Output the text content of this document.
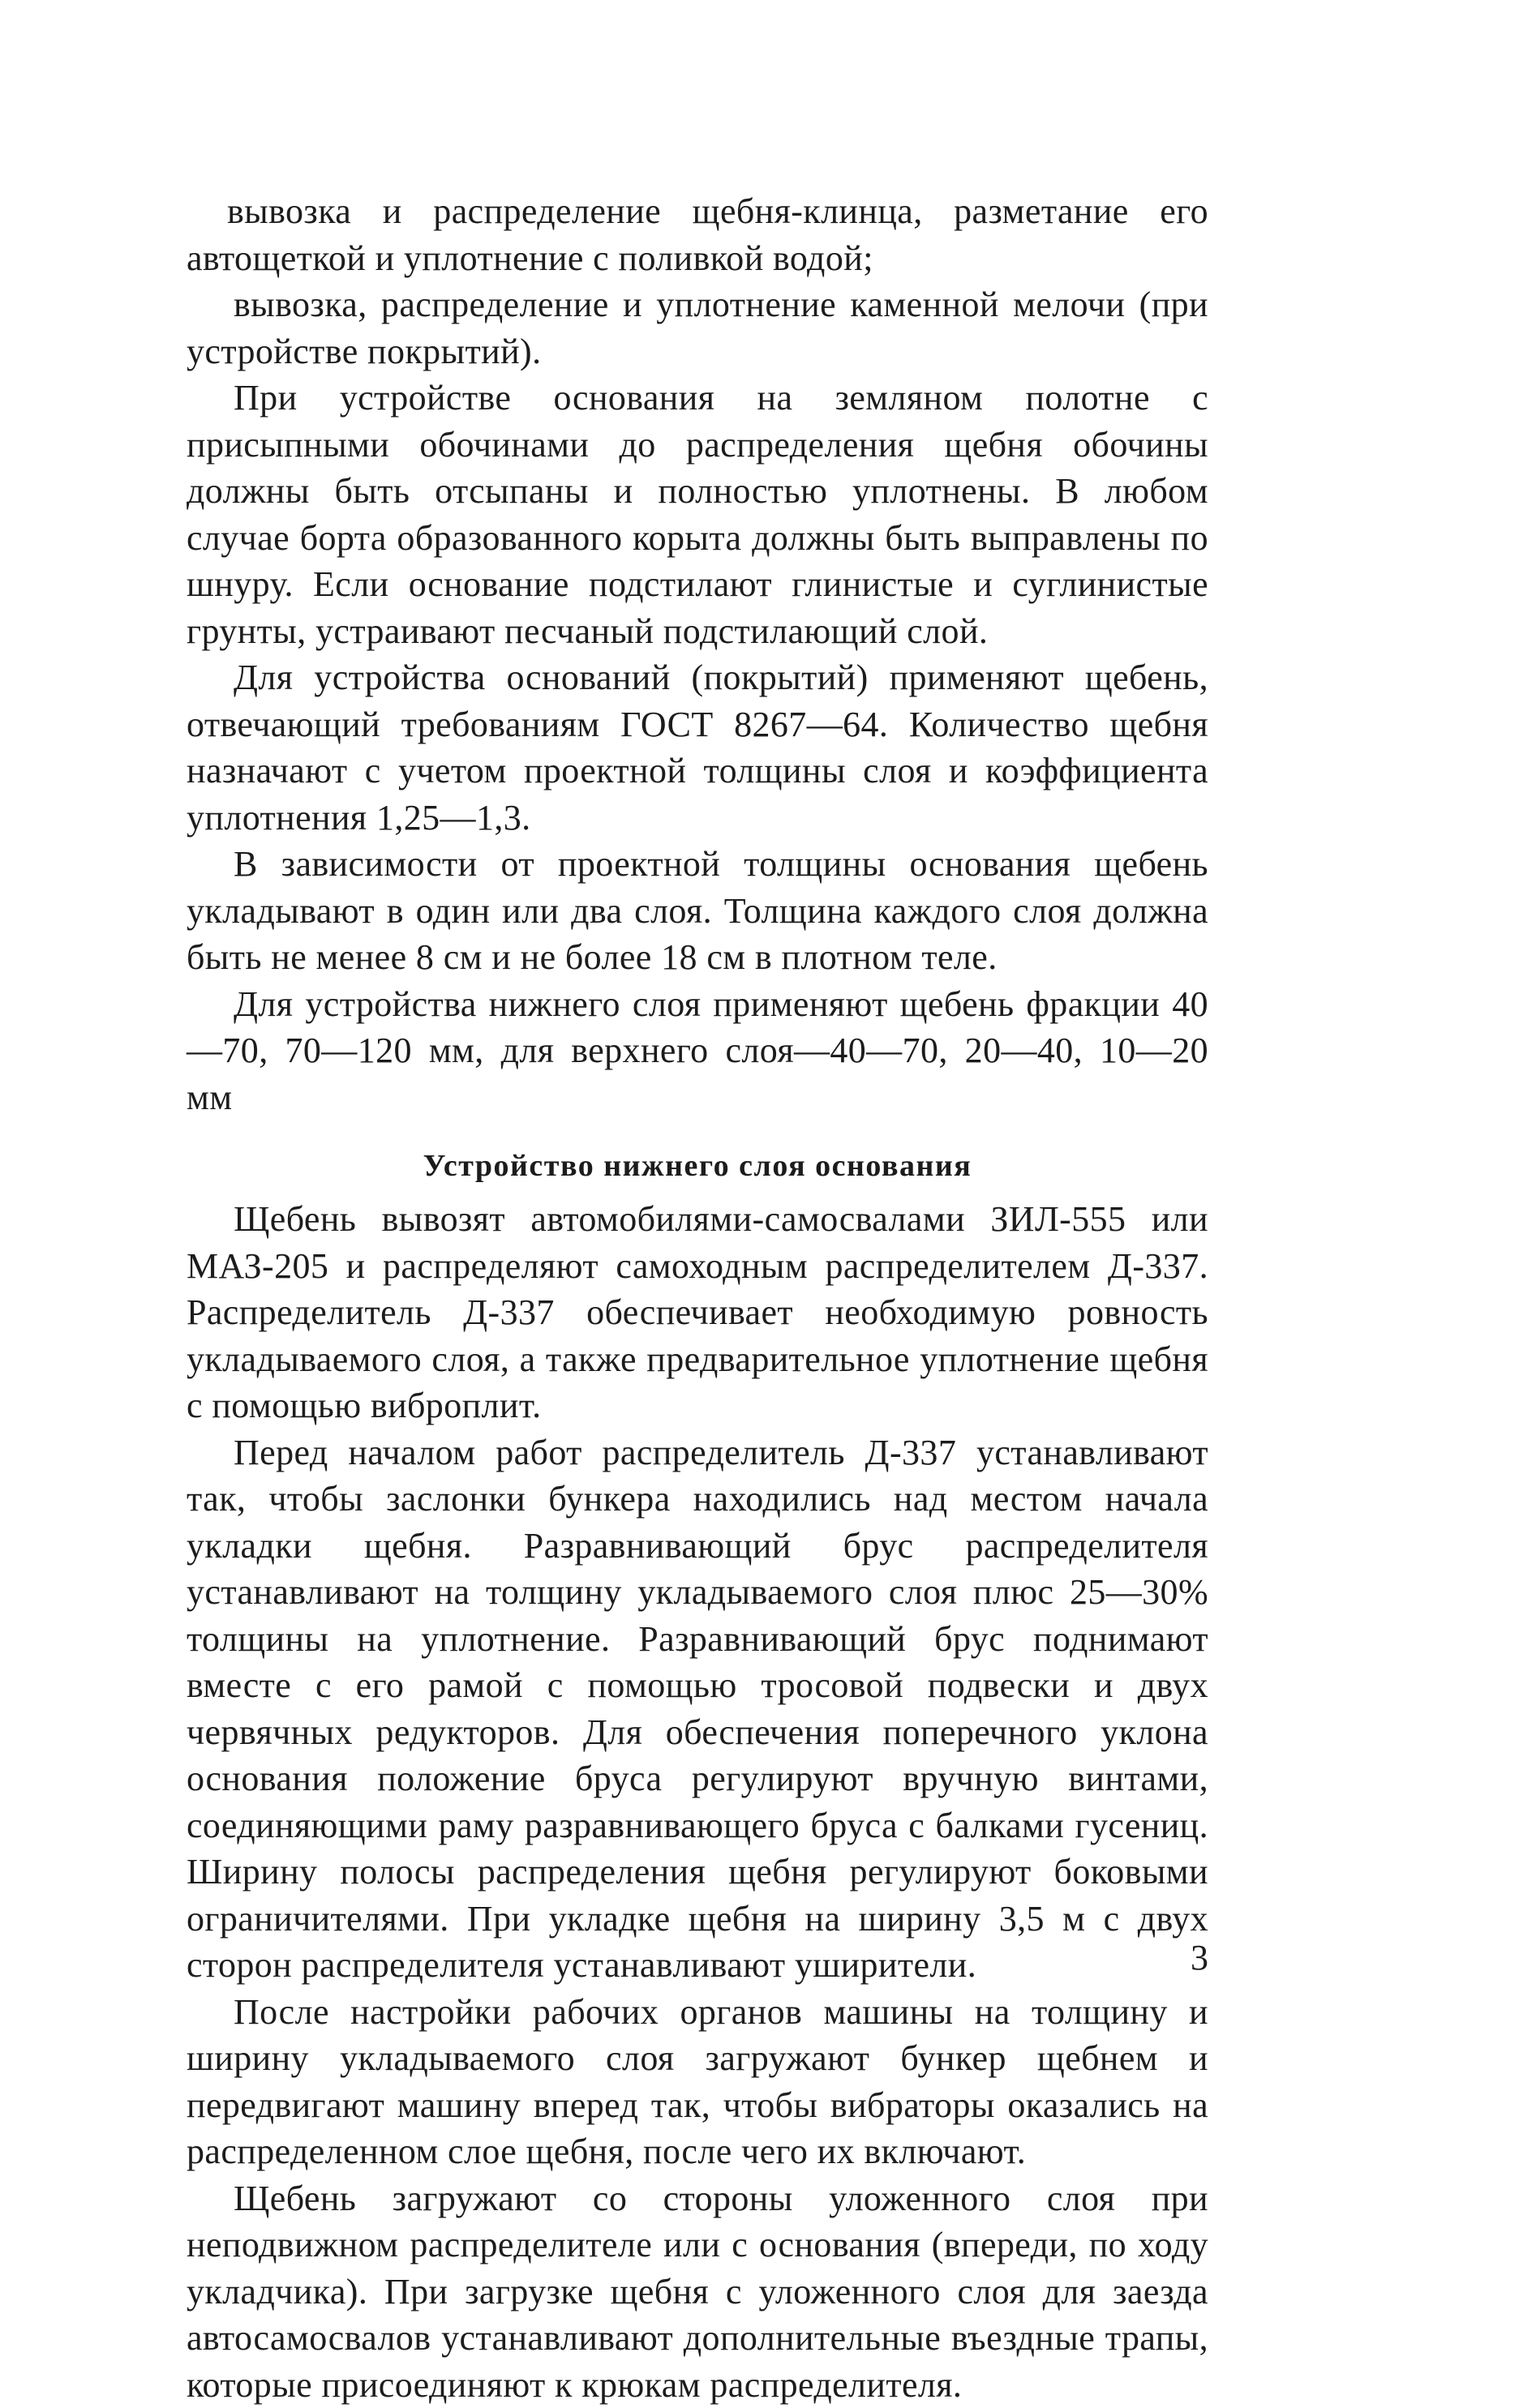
вывозка и распределение щебня-клинца, разметание его автощеткой и уплотнение с поливкой водой;

вывозка, распределение и уплотнение каменной мелочи (при устройстве покрытий).

При устройстве основания на земляном полотне с присыпными обочинами до распределения щебня обочины должны быть отсыпаны и полностью уплотнены. В любом случае борта образованного корыта должны быть выправлены по шнуру. Если основание подстилают глинистые и суглинистые грунты, устраивают песчаный подстилающий слой.

Для устройства оснований (покрытий) применяют щебень, отвечающий требованиям ГОСТ 8267—64. Количество щебня назначают с учетом проектной толщины слоя и коэффициента уплотнения 1,25—1,3.

В зависимости от проектной толщины основания щебень укладывают в один или два слоя. Толщина каждого слоя должна быть не менее 8 см и не более 18 см в плотном теле.

Для устройства нижнего слоя применяют щебень фракции 40—70, 70—120 мм, для верхнего слоя—40—70, 20—40, 10—20 мм

Устройство нижнего слоя основания

Щебень вывозят автомобилями-самосвалами ЗИЛ-555 или МАЗ-205 и распределяют самоходным распределителем Д-337. Распределитель Д-337 обеспечивает необходимую ровность укладываемого слоя, а также предварительное уплотнение щебня с помощью виброплит.

Перед началом работ распределитель Д-337 устанавливают так, чтобы заслонки бункера находились над местом начала укладки щебня. Разравнивающий брус распределителя устанавливают на толщину укладываемого слоя плюс 25—30% толщины на уплотнение. Разравнивающий брус поднимают вместе с его рамой с помощью тросовой подвески и двух червячных редукторов. Для обеспечения поперечного уклона основания положение бруса регулируют вручную винтами, соединяющими раму разравнивающего бруса с балками гусениц. Ширину полосы распределения щебня регулируют боковыми ограничителями. При укладке щебня на ширину 3,5 м с двух сторон распределителя устанавливают уширители.

После настройки рабочих органов машины на толщину и ширину укладываемого слоя загружают бункер щебнем и передвигают машину вперед так, чтобы вибраторы оказались на распределенном слое щебня, после чего их включают.

Щебень загружают со стороны уложенного слоя при неподвижном распределителе или с основания (впереди, по ходу укладчика). При загрузке щебня с уложенного слоя для заезда автосамосвалов устанавливают дополнительные въездные трапы, которые присоединяют к крюкам распределителя.

3
